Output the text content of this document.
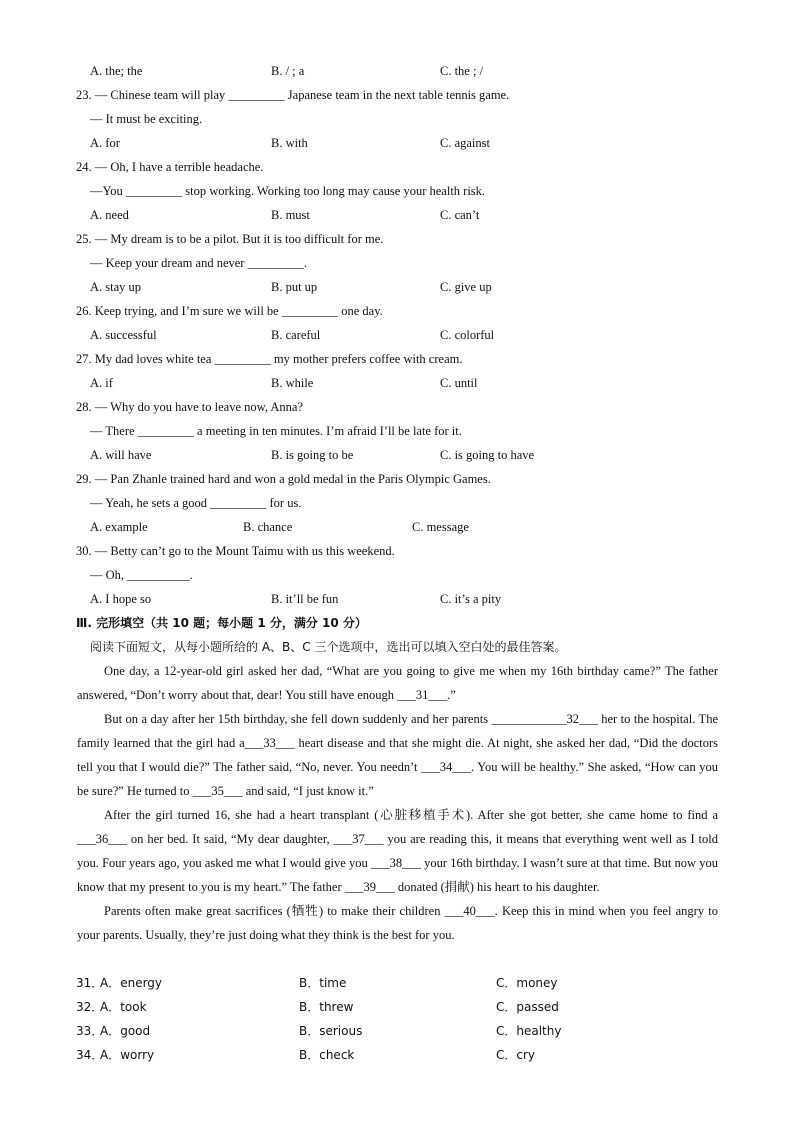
A. the; the	B. / ; a	C. the ; /
23. — Chinese team will play _________ Japanese team in the next table tennis game.
— It must be exciting.
A. for	B. with	C. against
24. — Oh, I have a terrible headache.
—You _________ stop working. Working too long may cause your health risk.
A. need	B. must	C. can’t
25. — My dream is to be a pilot. But it is too difficult for me.
— Keep your dream and never _________.
A. stay up	B. put up	C. give up
26. Keep trying, and I’m sure we will be _________ one day.
A. successful	B. careful	C. colorful
27. My dad loves white tea _________ my mother prefers coffee with cream.
A. if	B. while	C. until
28. — Why do you have to leave now, Anna?
— There _________ a meeting in ten minutes. I’m afraid I’ll be late for it.
A. will have	B. is going to be	C. is going to have
29. — Pan Zhanle trained hard and won a gold medal in the Paris Olympic Games.
— Yeah, he sets a good _________ for us.
A. example	B. chance	C. message
30. — Betty can’t go to the Mount Taimu with us this weekend.
— Oh, __________.
A. I hope so	B. it’ll be fun	C. it’s a pity
Ⅲ. 完形填空（共 10 题；每小题 1 分，满分 10 分）
阅读下面短文，从每小题所给的 A、B、C 三个选项中，选出可以填入空白处的最佳答案。

One day, a 12-year-old girl asked her dad, “What are you going to give me when my 16th birthday came?” The father answered, “Don’t worry about that, dear! You still have enough ___31___.”

But on a day after her 15th birthday, she fell down suddenly and her parents ____________32___ her to the hospital. The family learned that the girl had a___33___ heart disease and that she might die. At night, she asked her dad, “Did the doctors tell you that I would die?” The father said, “No, never. You needn’t ___34___. You will be healthy.” She asked, “How can you be sure?” He turned to ___35___ and said, “I just know it.”

After the girl turned 16, she had a heart transplant (心脏移植手术). After she got better, she came home to find a ___36___ on her bed. It said, “My dear daughter, ___37___ you are reading this, it means that everything went well as I told you. Four years ago, you asked me what I would give you ___38___ your 16th birthday. I wasn’t sure at that time. But now you know that my present to you is my heart.” The father ___39___ donated (捐献) his heart to his daughter.

Parents often make great sacrifices (牺牲) to make their children ___40___. Keep this in mind when you feel angry to your parents. Usually, they’re just doing what they think is the best for you.

31．
A．energy	B．time	C．money
32．
A．took	B．threw	C．passed
33．
A．good	B．serious	C．healthy
34．
A．worry	B．check	C．cry
